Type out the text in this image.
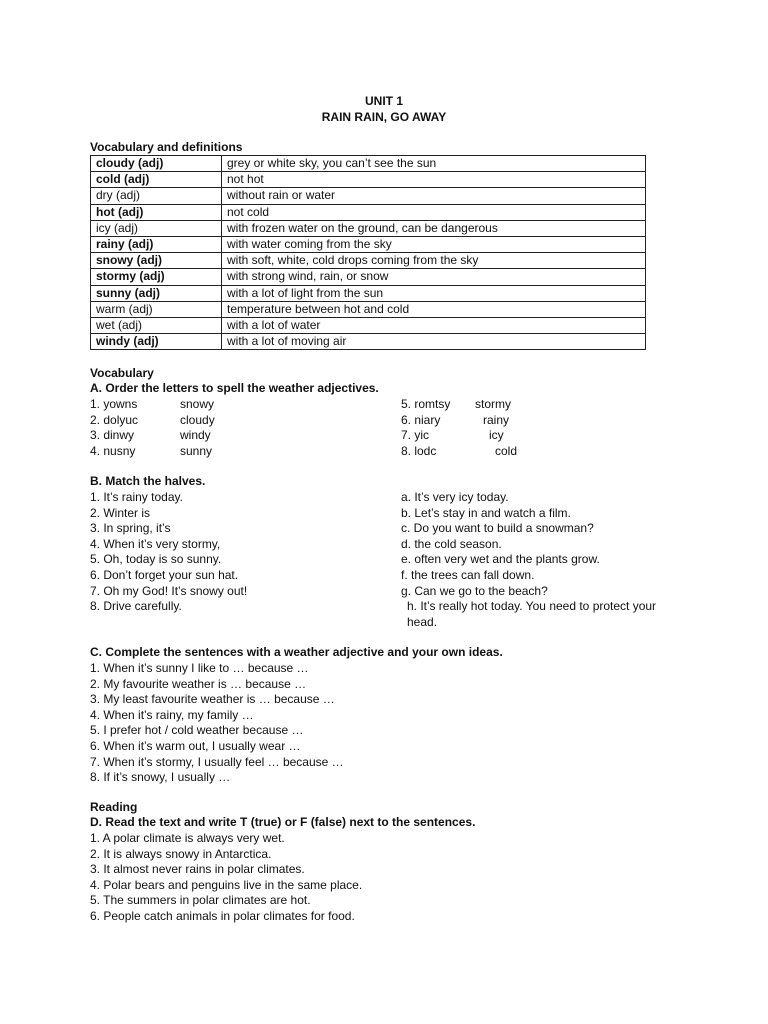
UNIT 1
RAIN RAIN, GO AWAY
Vocabulary and definitions
cloudy (adj)	grey or white sky, you can’t see the sun
cold (adj)	not hot
dry (adj)	without rain or water
hot (adj)	not cold
icy (adj)	with frozen water on the ground, can be dangerous
rainy (adj)	with water coming from the sky
snowy (adj)	with soft, white, cold drops coming from the sky
stormy (adj)	with strong wind, rain, or snow
sunny (adj)	with a lot of light from the sun
warm (adj)	temperature between hot and cold
wet (adj)	with a lot of water
windy (adj)	with a lot of moving air
Vocabulary
A. Order the letters to spell the weather adjectives.
1. yowns	snowy
2. dolyuc	cloudy
3. dinwy	windy
4. nusny	sunny
5. romtsy stormy
6. niary	rainy
7. yic	icy
8. lodc	cold
B. Match the halves.
1. It’s rainy today.
2. Winter is
3. In spring, it’s
4. When it’s very stormy,
5. Oh, today is so sunny.
6. Don’t forget your sun hat.
7. Oh my God! It’s snowy out!
8. Drive carefully.
a. It’s very icy today.
b. Let’s stay in and watch a film.
c. Do you want to build a snowman?
d. the cold season.
e. often very wet and the plants grow.
f. the trees can fall down.
g. Can we go to the beach?
h. It’s really hot today. You need to protect your
head.
C. Complete the sentences with a weather adjective and your own ideas.
1. When it’s sunny I like to … because …
2. My favourite weather is … because …
3. My least favourite weather is … because …
4. When it’s rainy, my family …
5. I prefer hot / cold weather because …
6. When it’s warm out, I usually wear …
7. When it’s stormy, I usually feel … because …
8. If it’s snowy, I usually …
Reading
D. Read the text and write T (true) or F (false) next to the sentences.
1. A polar climate is always very wet.
2. It is always snowy in Antarctica.
3. It almost never rains in polar climates.
4. Polar bears and penguins live in the same place.
5. The summers in polar climates are hot.
6. People catch animals in polar climates for food.
